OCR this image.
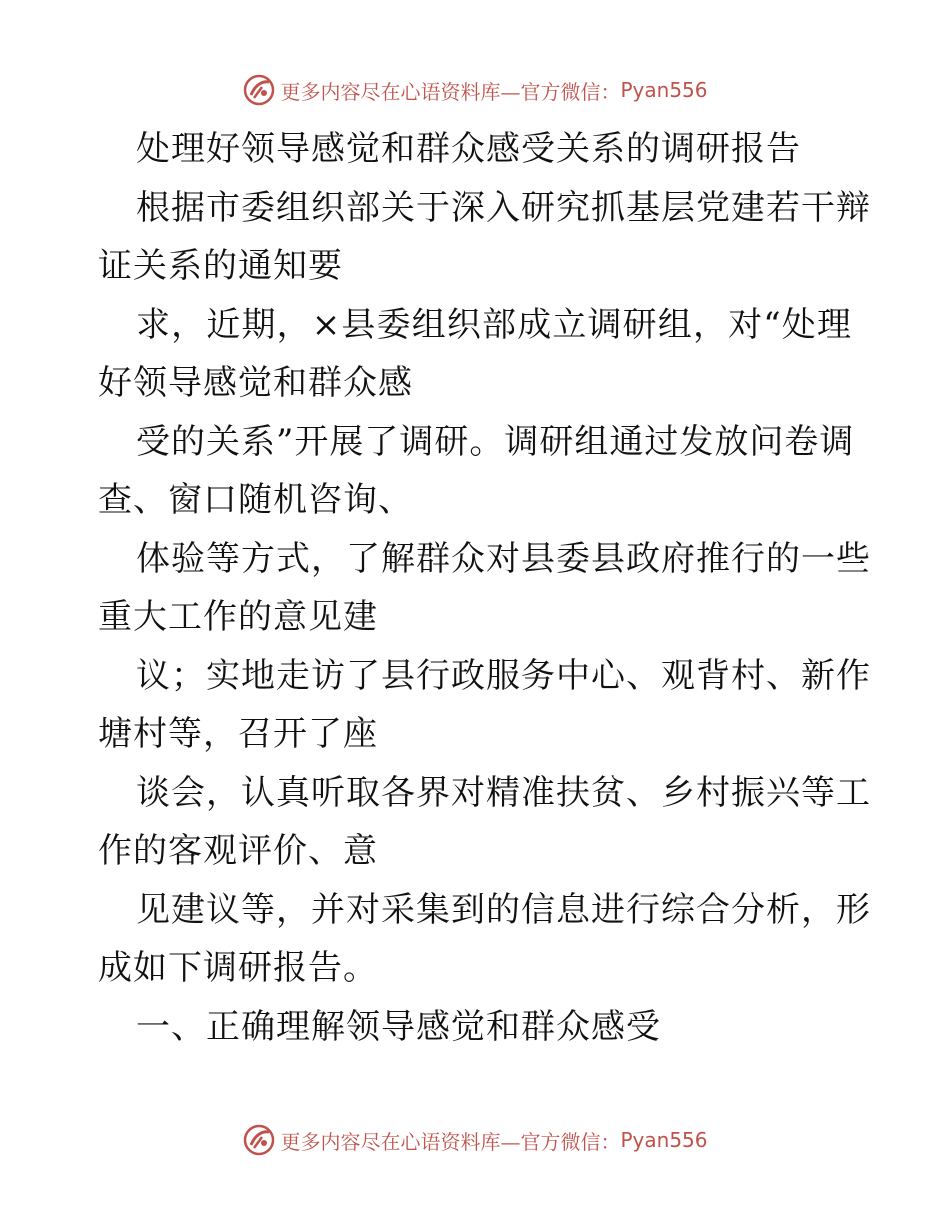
更多内容尽在心语资料库—官方微信： Pyan556
处理好领导感觉和群众感受关系的调研报告
根据市委组织部关于深入研究抓基层党建若干辩
证关系的通知要
求，近期，×县委组织部成立调研组，对“处理
好领导感觉和群众感
受的关系”开展了调研。调研组通过发放问卷调
查、窗口随机咨询、
体验等方式，了解群众对县委县政府推行的一些
重大工作的意见建
议；实地走访了县行政服务中心、观背村、新作
塘村等，召开了座
谈会，认真听取各界对精准扶贫、乡村振兴等工
作的客观评价、意
见建议等，并对采集到的信息进行综合分析，形
成如下调研报告。
一、正确理解领导感觉和群众感受
更多内容尽在心语资料库—官方微信： Pyan556
